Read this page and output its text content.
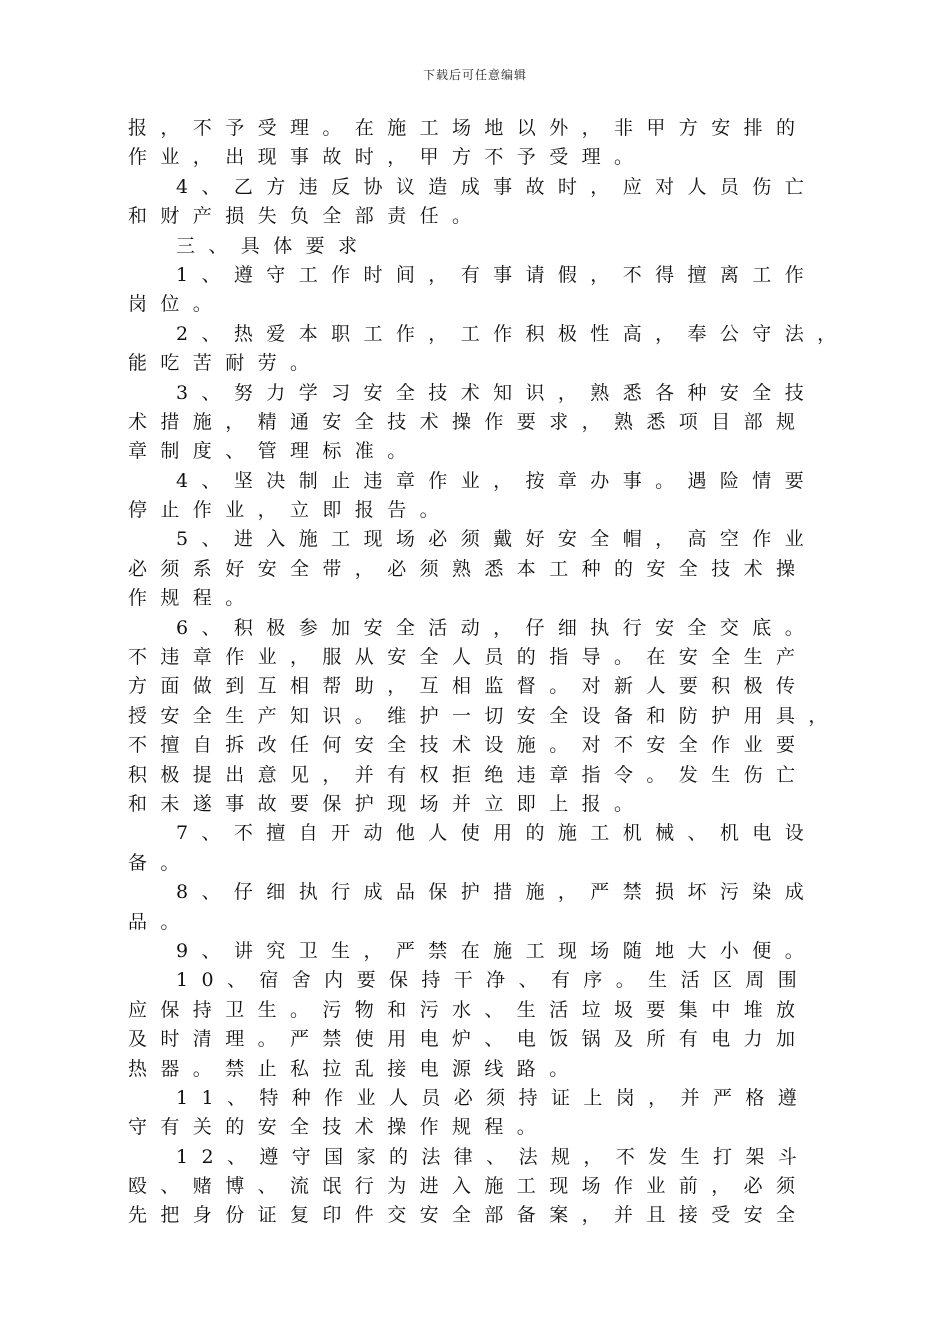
下载后可任意编辑
报，不予受理。在施工场地以外，非甲方安排的
作业，出现事故时，甲方不予受理。
4、乙方违反协议造成事故时，应对人员伤亡
和财产损失负全部责任。
三、具体要求
1、遵守工作时间，有事请假，不得擅离工作
岗位。
2、热爱本职工作，工作积极性高，奉公守法，
能吃苦耐劳。
3、努力学习安全技术知识，熟悉各种安全技
术措施，精通安全技术操作要求，熟悉项目部规
章制度、管理标准。
4、坚决制止违章作业，按章办事。遇险情要
停止作业，立即报告。
5、进入施工现场必须戴好安全帽，高空作业
必须系好安全带，必须熟悉本工种的安全技术操
作规程。
6、积极参加安全活动，仔细执行安全交底。
不违章作业，服从安全人员的指导。在安全生产
方面做到互相帮助，互相监督。对新人要积极传
授安全生产知识。维护一切安全设备和防护用具，
不擅自拆改任何安全技术设施。对不安全作业要
积极提出意见，并有权拒绝违章指令。发生伤亡
和未遂事故要保护现场并立即上报。
7、不擅自开动他人使用的施工机械、机电设
备。
8、仔细执行成品保护措施，严禁损坏污染成
品。
9、讲究卫生，严禁在施工现场随地大小便。
10、宿舍内要保持干净、有序。生活区周围
应保持卫生。污物和污水、生活垃圾要集中堆放
及时清理。严禁使用电炉、电饭锅及所有电力加
热器。禁止私拉乱接电源线路。
11、特种作业人员必须持证上岗，并严格遵
守有关的安全技术操作规程。
12、遵守国家的法律、法规，不发生打架斗
殴、赌博、流氓行为进入施工现场作业前，必须
先把身份证复印件交安全部备案，并且接受安全
